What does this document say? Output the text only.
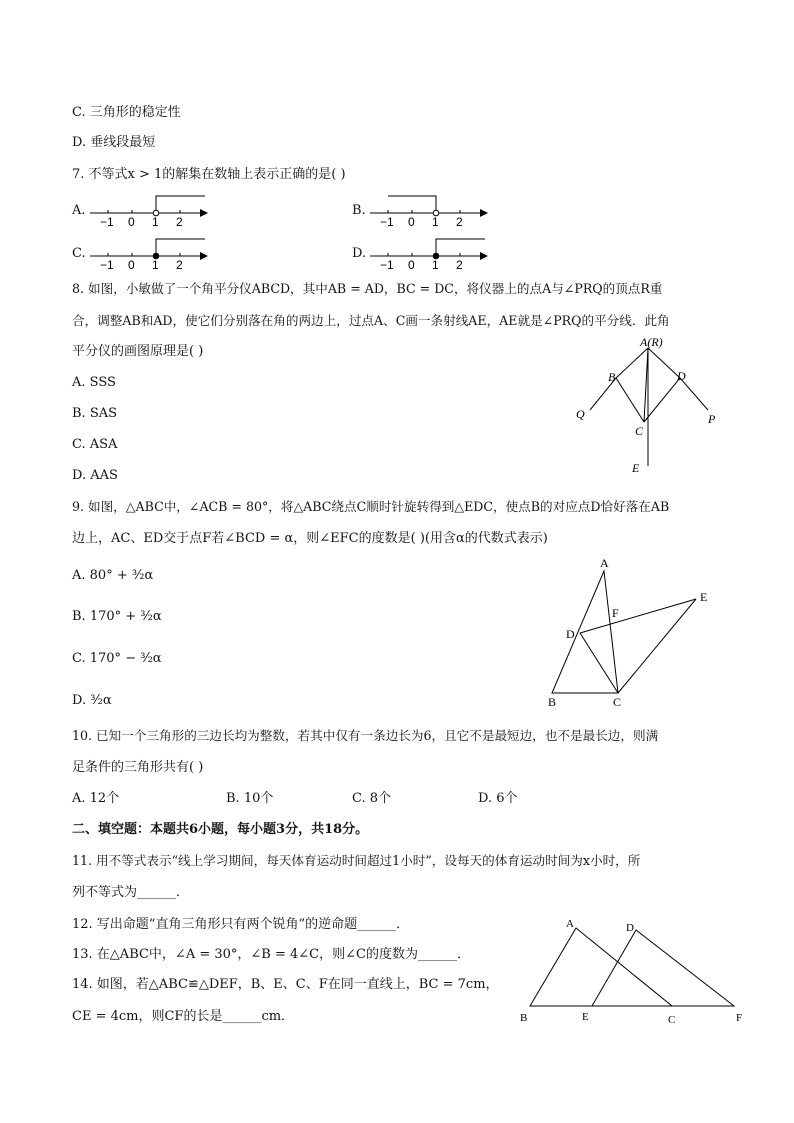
C. 三角形的稳定性
D. 垂线段最短
7. 不等式x > 1的解集在数轴上表示正确的是( )
A.
−1 0 1 2
B.
−1 0 1 2
C.
−1 0 1 2
D.
−1 0 1 2
8. 如图，小敏做了一个角平分仪ABCD，其中AB = AD，BC = DC，将仪器上的点A与∠PRQ的顶点R重
合，调整AB和AD，使它们分别落在角的两边上，过点A、C画一条射线AE，AE就是∠PRQ的平分线．此角
平分仪的画图原理是( )
A. SSS
B. SAS
C. ASA
D. AAS
A(R)
B	D
Q	P
C
E
9. 如图，△ABC中，∠ACB = 80°，将△ABC绕点C顺时针旋转得到△EDC，使点B的对应点D恰好落在AB
边上，AC、ED交于点F若∠BCD = α，则∠EFC的度数是( )(用含α的代数式表示)
A. 80° + ³⁄₂α
B. 170° + ³⁄₂α
C. 170° − ³⁄₂α
D. ³⁄₂α
A
E
F
D
B	C
10. 已知一个三角形的三边长均为整数，若其中仅有一条边长为6，且它不是最短边，也不是最长边，则满
足条件的三角形共有( )
A. 12个	B. 10个	C. 8个	D. 6个
二、填空题：本题共6小题，每小题3分，共18分。
11. 用不等式表示“线上学习期间，每天体育运动时间超过1小时”，设每天的体育运动时间为x小时，所
列不等式为______．
12. 写出命题“直角三角形只有两个锐角”的逆命题______．
13. 在△ABC中，∠A = 30°，∠B = 4∠C，则∠C的度数为______．
14. 如图，若△ABC≌△DEF，B、E、C、F在同一直线上，BC = 7cm，
CE = 4cm，则CF的长是______cm．
A	D
B	E	C	F
